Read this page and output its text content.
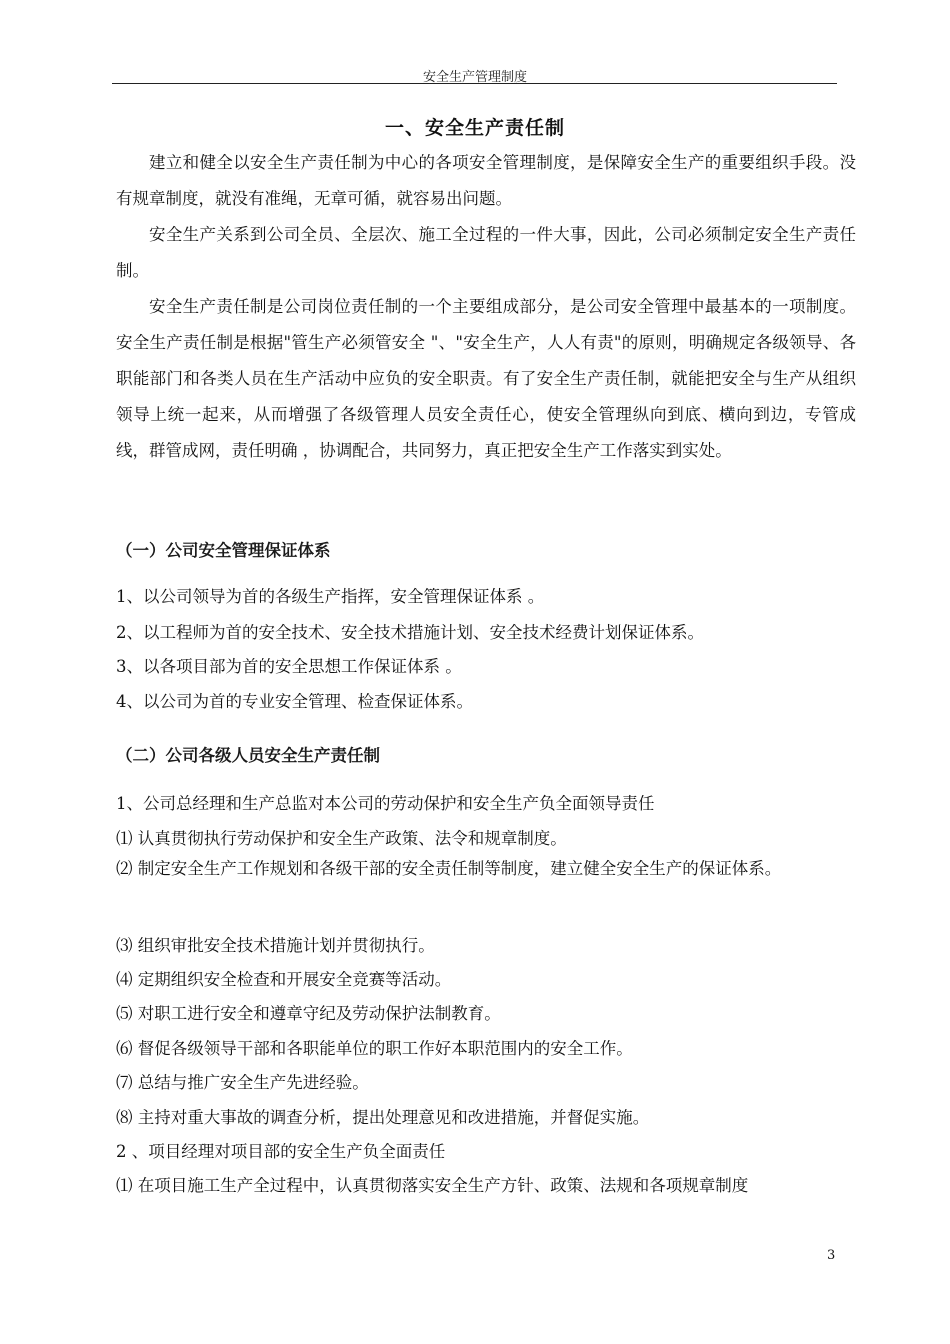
安全生产管理制度
一、安全生产责任制

建立和健全以安全生产责任制为中心的各项安全管理制度，是保障安全生产的重要组织手段。没有规章制度，就没有准绳，无章可循，就容易出问题。

安全生产关系到公司全员、全层次、施工全过程的一件大事，因此，公司必须制定安全生产责任制。

安全生产责任制是公司岗位责任制的一个主要组成部分，是公司安全管理中最基本的一项制度。安全生产责任制是根据"管生产必须管安全 "、"安全生产，人人有责"的原则，明确规定各级领导、各职能部门和各类人员在生产活动中应负的安全职责。有了安全生产责任制，就能把安全与生产从组织领导上统一起来，从而增强了各级管理人员安全责任心，使安全管理纵向到底、横向到边，专管成线，群管成网，责任明确 ，协调配合，共同努力，真正把安全生产工作落实到实处。

（一）公司安全管理保证体系
1、以公司领导为首的各级生产指挥，安全管理保证体系 。
2、以工程师为首的安全技术、安全技术措施计划、安全技术经费计划保证体系。
3、以各项目部为首的安全思想工作保证体系 。
4、以公司为首的专业安全管理、检查保证体系。
（二）公司各级人员安全生产责任制
1、公司总经理和生产总监对本公司的劳动保护和安全生产负全面领导责任
⑴ 认真贯彻执行劳动保护和安全生产政策、法令和规章制度。

⑵ 制定安全生产工作规划和各级干部的安全责任制等制度，建立健全安全生产的保证体系。

⑶ 组织审批安全技术措施计划并贯彻执行。
⑷ 定期组织安全检查和开展安全竞赛等活动。
⑸ 对职工进行安全和遵章守纪及劳动保护法制教育。
⑹ 督促各级领导干部和各职能单位的职工作好本职范围内的安全工作。
⑺ 总结与推广安全生产先进经验。
⑻ 主持对重大事故的调查分析，提出处理意见和改进措施，并督促实施。
2 、项目经理对项目部的安全生产负全面责任
⑴ 在项目施工生产全过程中，认真贯彻落实安全生产方针、政策、法规和各项规章制度
3
